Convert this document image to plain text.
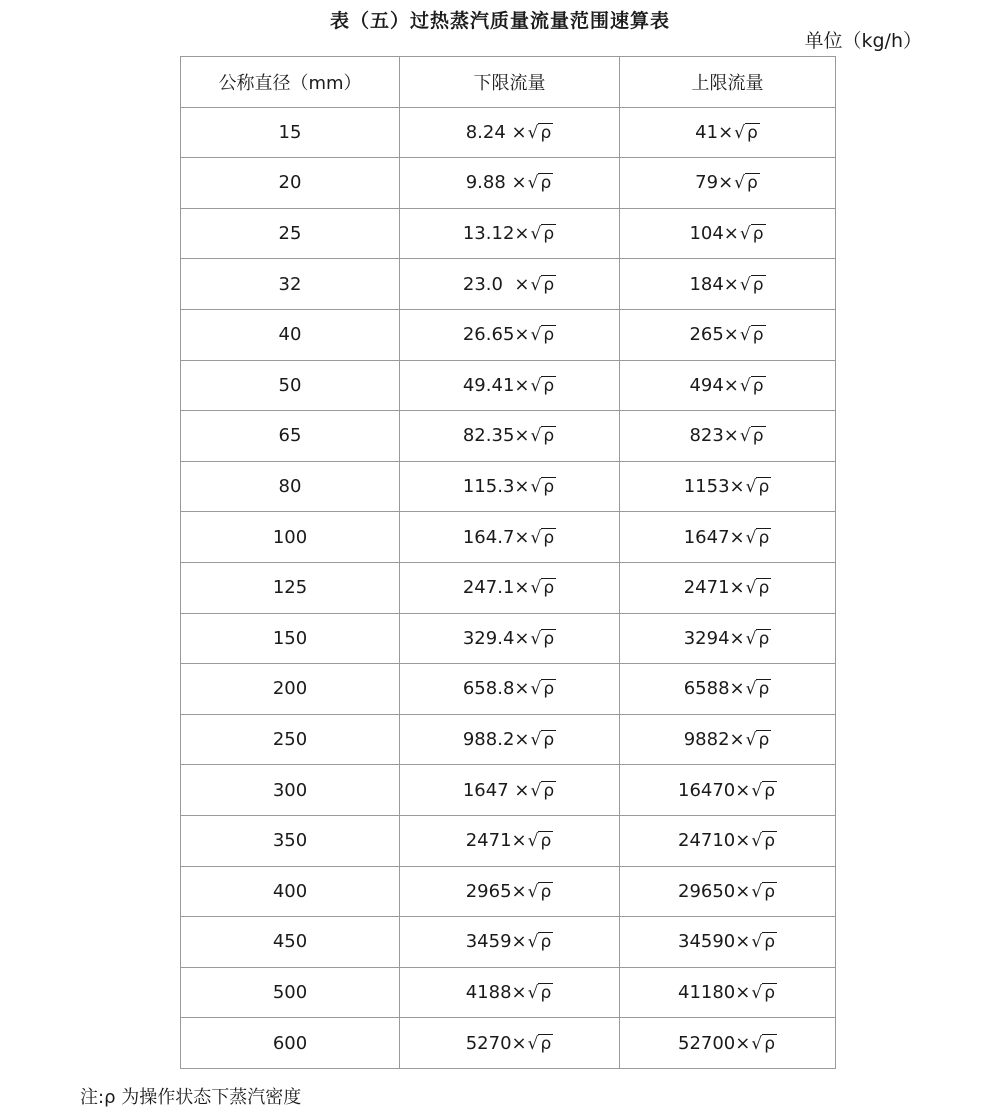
表（五）过热蒸汽质量流量范围速算表
单位（kg/h）
公称直径（mm）	下限流量	上限流量
15	8.24 ×√ ρ	41×√ ρ
20	9.88 ×√ ρ	79×√ ρ
25	13.12×√ ρ	104×√ ρ
32	23.0  ×√ ρ	184×√ ρ
40	26.65×√ ρ	265×√ ρ
50	49.41×√ ρ	494×√ ρ
65	82.35×√ ρ	823×√ ρ
80	115.3×√ ρ	1153×√ ρ
100	164.7×√ ρ	1647×√ ρ
125	247.1×√ ρ	2471×√ ρ
150	329.4×√ ρ	3294×√ ρ
200	658.8×√ ρ	6588×√ ρ
250	988.2×√ ρ	9882×√ ρ
300	1647 ×√ ρ	16470×√ ρ
350	2471×√ ρ	24710×√ ρ
400	2965×√ ρ	29650×√ ρ
450	3459×√ ρ	34590×√ ρ
500	4188×√ ρ	41180×√ ρ
600	5270×√ ρ	52700×√ ρ
注:ρ 为操作状态下蒸汽密度
